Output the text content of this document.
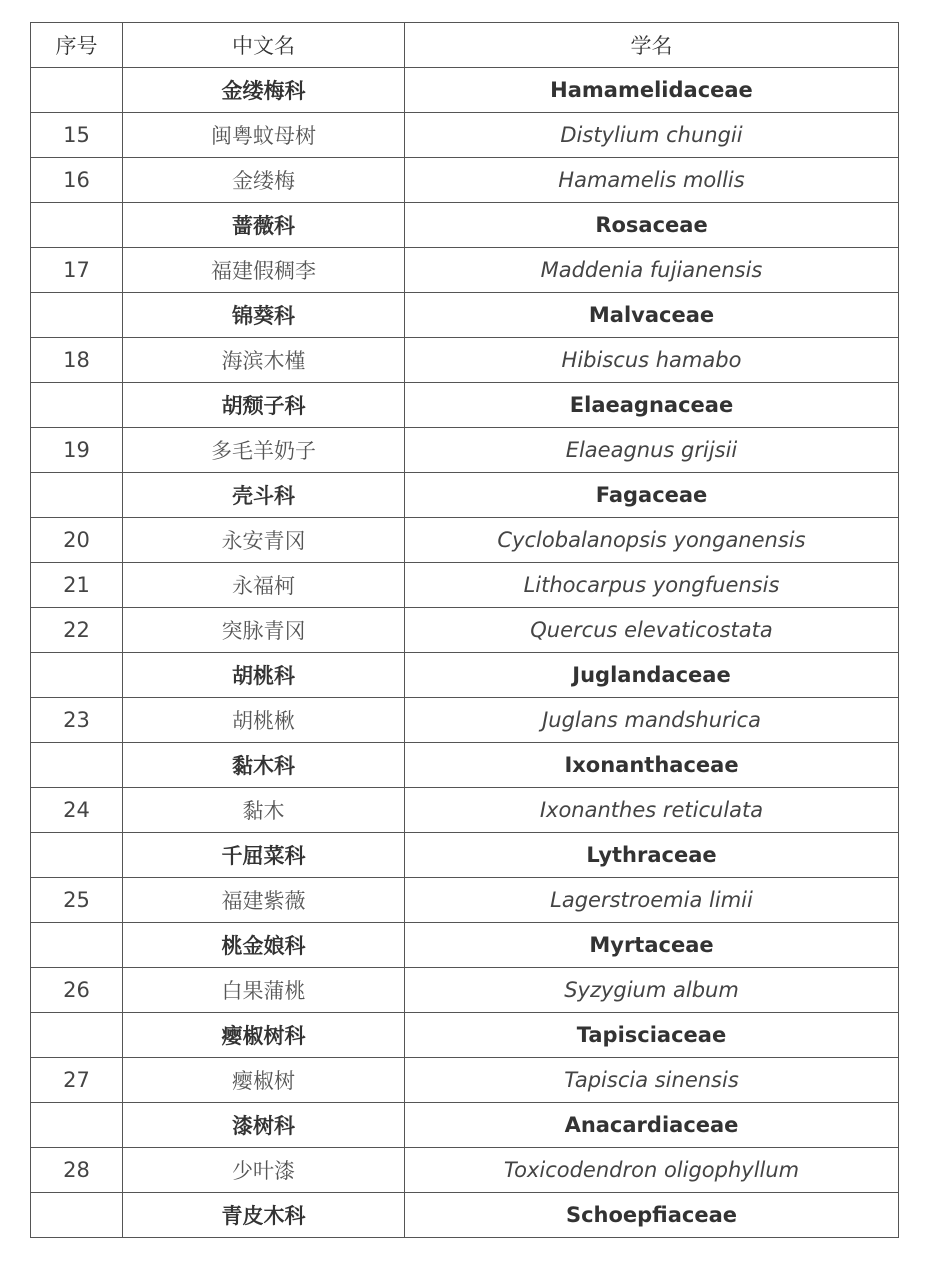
序号	中文名	学名
	金缕梅科	Hamamelidaceae
15	闽粤蚊母树	Distylium chungii
16	金缕梅	Hamamelis mollis
	蔷薇科	Rosaceae
17	福建假稠李	Maddenia fujianensis
	锦葵科	Malvaceae
18	海滨木槿	Hibiscus hamabo
	胡颓子科	Elaeagnaceae
19	多毛羊奶子	Elaeagnus grijsii
	壳斗科	Fagaceae
20	永安青冈	Cyclobalanopsis yonganensis
21	永福柯	Lithocarpus yongfuensis
22	突脉青冈	Quercus elevaticostata
	胡桃科	Juglandaceae
23	胡桃楸	Juglans mandshurica
	黏木科	Ixonanthaceae
24	黏木	Ixonanthes reticulata
	千屈菜科	Lythraceae
25	福建紫薇	Lagerstroemia limii
	桃金娘科	Myrtaceae
26	白果蒲桃	Syzygium album
	瘿椒树科	Tapisciaceae
27	瘿椒树	Tapiscia sinensis
	漆树科	Anacardiaceae
28	少叶漆	Toxicodendron oligophyllum
	青皮木科	Schoepfiaceae
